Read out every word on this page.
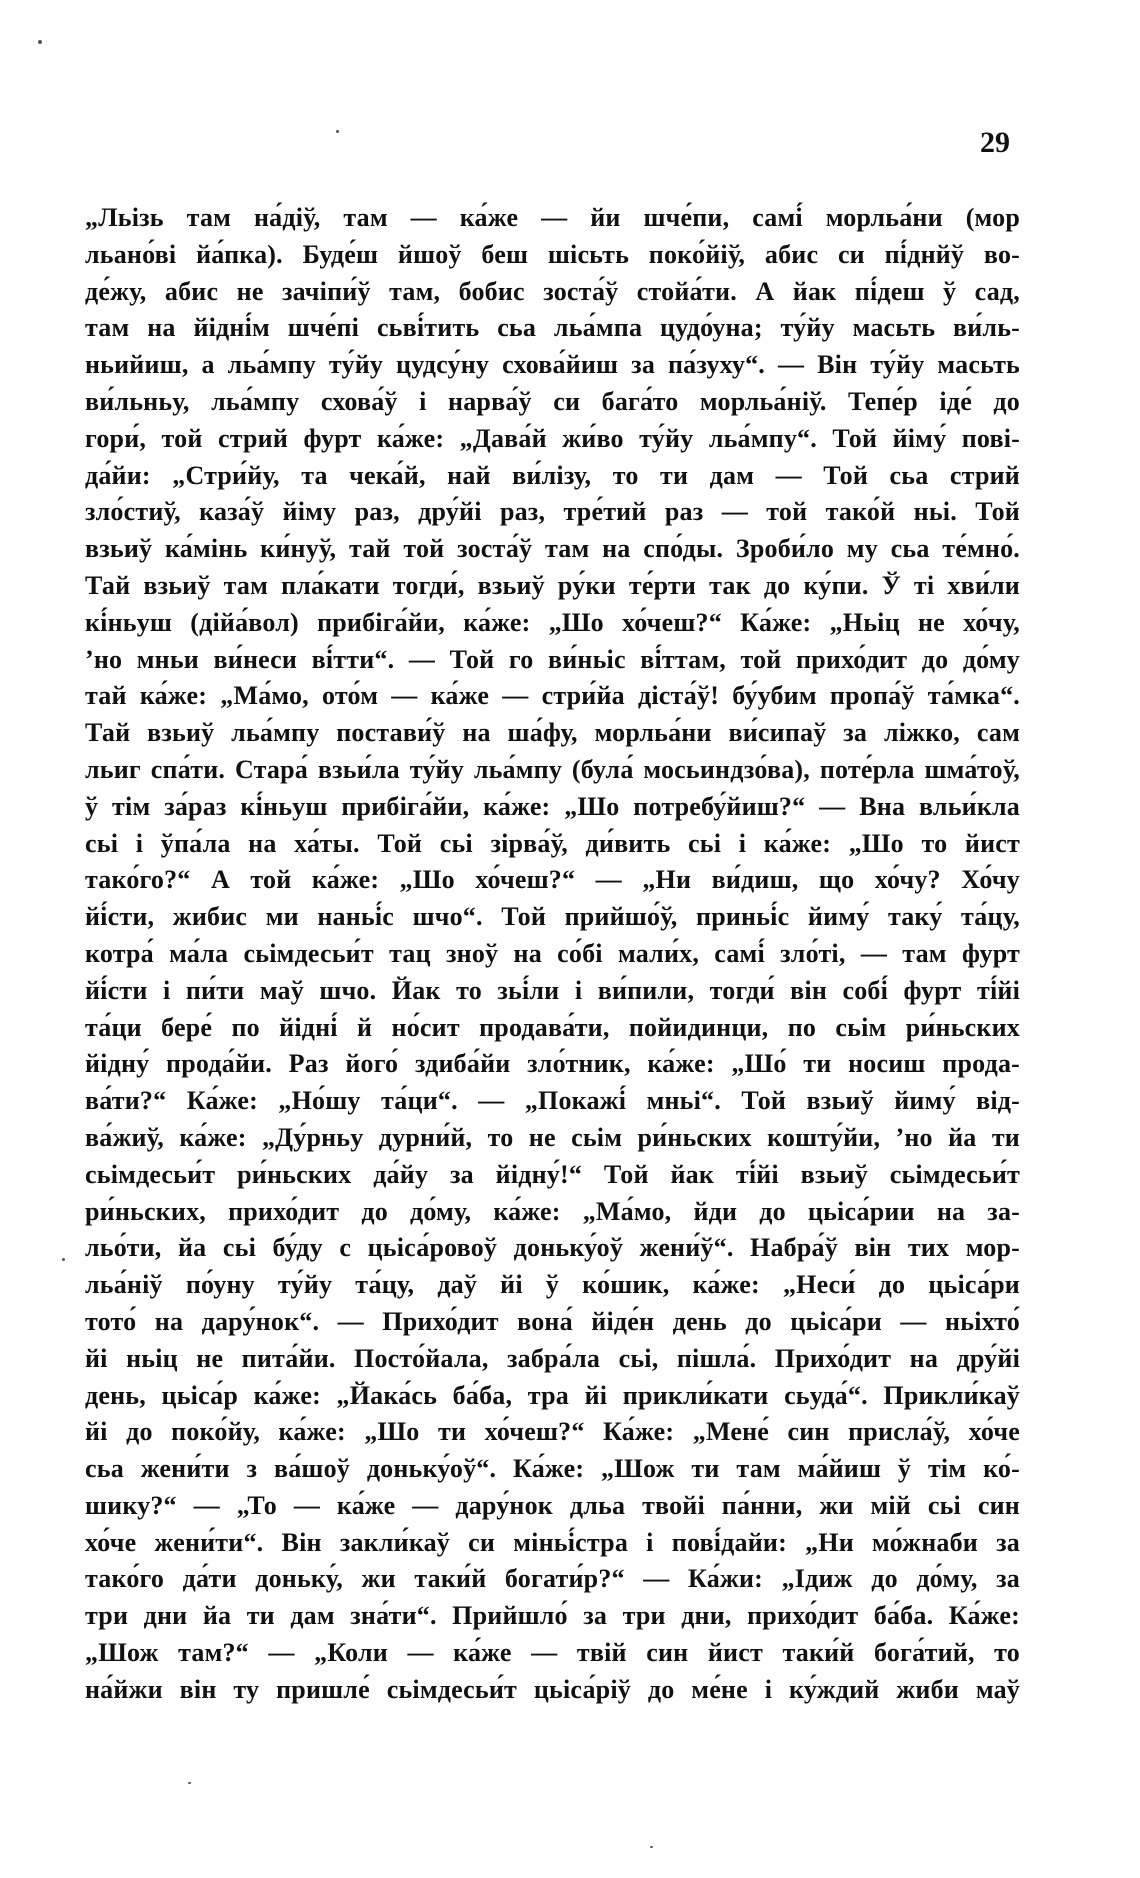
29
„Льізь там на́діў, там — ка́же — йи шче́пи, самі́ морльа́ни (мор
льано́ві йа́пка). Буде́ш йшоў беш шісьть поко́йіў, абис си пі́днйў во-
де́жу, абис не зачіпи́ў там, бобис зоста́ў стойа́ти. А йак пі́деш ў сад,
там на йідні́м шче́пі сьві́тить сьа льа́мпа цудо́уна; ту́йу масьть ви́ль-
ньийиш, а льа́мпу ту́йу цудсу́ну схова́йиш за па́зуху“. — Він ту́йу масьть
ви́льньу, льа́мпу схова́ў і нарва́ў си бага́то морльа́ніў. Тепе́р іде́ до
гори́, той стрий фурт ка́же: „Дава́й жи́во ту́йу льа́мпу“. Той йіму́ пові-
да́йи: „Стри́йу, та чека́й, най ви́лізу, то ти дам — Той сьа стрий
зло́стиў, каза́ў йіму раз, дру́йі раз, тре́тий раз — той тако́й ньі. Той
взьиў ка́мінь ки́нуў, тай той зоста́ў там на спо́ды. Зроби́ло му сьа те́мно́.
Тай взьиў там пла́кати тогди́, взьиў ру́ки те́рти так до ку́пи. Ў ті хви́ли
кі́ньуш (дійа́вол) прибіга́йи, ка́же: „Шо хо́чеш?“ Ка́же: „Ньіц не хо́чу,
’но мньи ви́неси ві́тти“. — Той го ви́ньіс ві́ттам, той прихо́дит до до́му
тай ка́же: „Ма́мо, ото́м — ка́же — стри́йа діста́ў! бу́убим пропа́ў та́мка“.
Тай взьиў льа́мпу постави́ў на ша́фу, морльа́ни ви́сипаў за ліжко, сам
льиг спа́ти. Стара́ взьи́ла ту́йу льа́мпу (була́ мосьиндзо́ва), поте́рла шма́тоў,
ў тім за́раз кі́ньуш прибіга́йи, ка́же: „Шо потребу́йиш?“ — Вна вльи́кла
сьі і ўпа́ла на ха́ты. Той сьі зірва́ў, ди́вить сьі і ка́же: „Шо то йист
тако́го?“ А той ка́же: „Шо хо́чеш?“ — „Ни ви́диш, що хо́чу? Хо́чу
йі́сти, жибис ми наньі́с шчо“. Той прийшо́ў, приньі́с йиму́ таку́ та́цу,
котра́ ма́ла сьімдесьи́т тац зноў на со́бі мали́х, самі́ зло́ті, — там фурт
йі́сти і пи́ти маў шчо. Йак то зьі́ли і ви́пили, тогди́ він собі́ фурт ті́йі
та́ци бере́ по йідні́ й но́сит продава́ти, пойидинци, по сьім ри́ньских
йідну́ прода́йи. Раз його́ здиба́йи зло́тник, ка́же: „Шо́ ти носиш продa-
ва́ти?“ Ка́же: „Но́шу та́ци“. — „Покажі́ мньі“. Той взьиў йиму́ від-
ва́жиў, ка́же: „Ду́рньу дурни́й, то не сьім ри́ньских кошту́йи, ’но йа ти
сьімдесьи́т ри́ньских да́йу за йідну́!“ Той йак ті́йі взьиў сьімдесьи́т
ри́ньских, прихо́дит до до́му, ка́же: „Ма́мо, йди до цьіса́рии на за-
льо́ти, йа сьі бу́ду с цьіса́ровоў доньку́оў жени́ў“. Набра́ў він тих мор-
льа́ніў по́уну ту́йу та́цу, даў йі ў ко́шик, ка́же: „Неси́ до цьіса́ри
тото́ на дару́нок“. — Прихо́дит вона́ йіде́н день до цьіса́ри — ньіхто́
йі ньіц не пита́йи. Посто́йала, забра́ла сьі, пішла́. Прихо́дит на дру́йі
день, цьіса́р ка́же: „Йака́сь ба́ба, тра йі прикли́кати сьуда́“. Прикли́каў
йі до поко́йу, ка́же: „Шо ти хо́чеш?“ Ка́же: „Мене́ син присла́ў, хо́че
сьа жени́ти з ва́шоў доньку́оў“. Ка́же: „Шож ти там ма́йиш ў тім ко́-
шику?“ — „То — ка́же — дару́нок дльа твойі па́нни, жи мій сьі син
хо́че жени́ти“. Він закли́каў си міньі́стра і пові́дайи: „Ни мо́жнаби за
тако́го да́ти доньку́, жи таки́й богати́р?“ — Ка́жи: „Ідиж до до́му, за
три дни йа ти дам зна́ти“. Прийшло́ за три дни, прихо́дит ба́ба. Ка́же:
„Шож там?“ — „Коли — ка́же — твій син йист таки́й бога́тий, то
на́йжи він ту пришле́ сьімдесьи́т цьіса́ріў до ме́не і ку́ждий жиби маў
